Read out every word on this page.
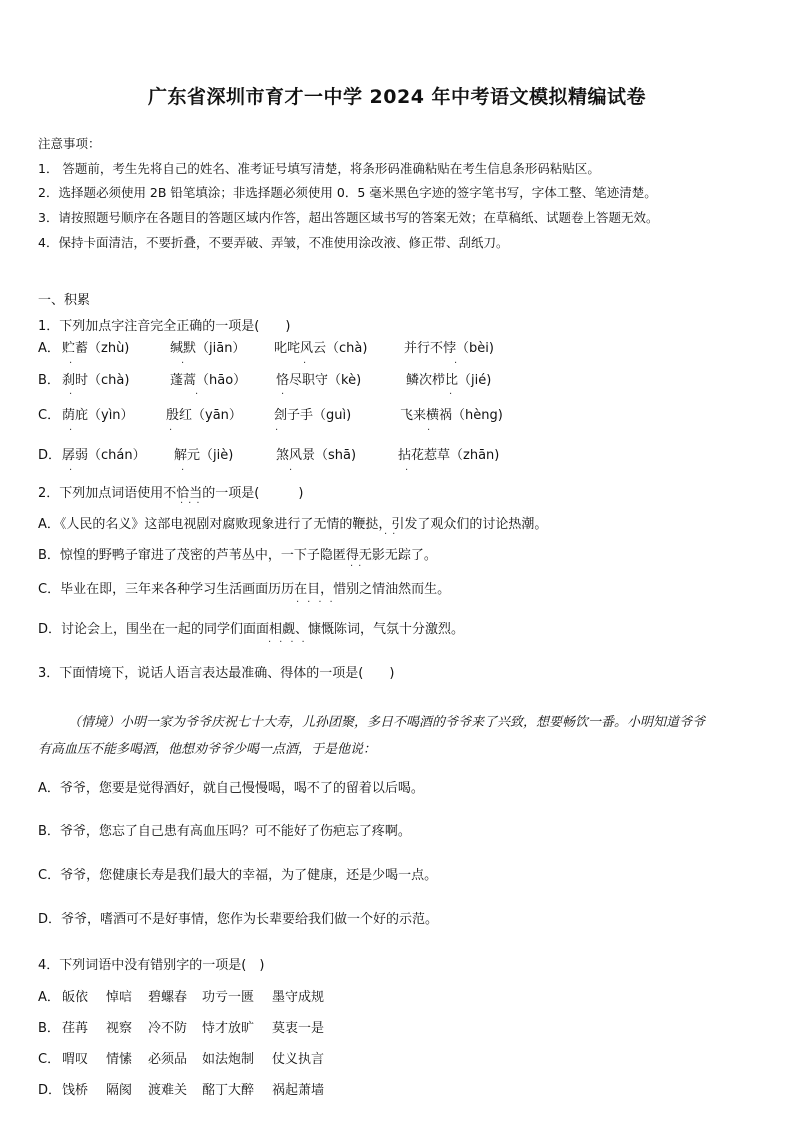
广东省深圳市育才一中学 2024 年中考语文模拟精编试卷
注意事项：
1． 答题前，考生先将自己的姓名、准考证号填写清楚，将条形码准确粘贴在考生信息条形码粘贴区。
2．选择题必须使用 2B 铅笔填涂；非选择题必须使用 0．5 毫米黑色字迹的签字笔书写，字体工整、笔迹清楚。
3．请按照题号顺序在各题目的答题区域内作答，超出答题区域书写的答案无效；在草稿纸、试题卷上答题无效。
4．保持卡面清洁，不要折叠，不要弄破、弄皱，不准使用涂改液、修正带、刮纸刀。
一、积累
1．下列加点字注音完全正确的一项是(　　)
A． 贮蓄（zhù)	缄默（jiān） 叱咤风云（chà)	并行不悖（bèi)
B． 刹时（chà)	蓬蒿（hāo） 恪尽职守（kè)	鳞次栉比（jié)
C． 荫庇（yìn） 殷红（yān） 刽子手（guì)	飞来横祸（hèng)
D． 孱弱（chán） 解元（jiè)	煞风景（shā)	拈花惹草（zhān)
·	·	·	·
·	·	·	·
·	·	·	·
·	·	·	·
2．下列加点词语使用不恰当的一项是(　　　)
···
A．《人民的名义》这部电视剧对腐败现象进行了无情的鞭挞，引发了观众们的讨论热潮。
··
B．惊惶的野鸭子窜进了茂密的芦苇丛中，一下子隐匿得无影无踪了。
··
C．毕业在即，三年来各种学习生活画面历历在目，惜别之情油然而生。
····
D．讨论会上，围坐在一起的同学们面面相觑、慷慨陈词，气氛十分激烈。
····
3．下面情境下，说话人语言表达最准确、得体的一项是(　　)
（情境）小明一家为爷爷庆祝七十大寿，儿孙团聚，多日不喝酒的爷爷来了兴致，想要畅饮一番。小明知道爷爷
有高血压不能多喝酒，他想劝爷爷少喝一点酒，于是他说：
A．爷爷，您要是觉得酒好，就自己慢慢喝，喝不了的留着以后喝。
B．爷爷，您忘了自己患有高血压吗？可不能好了伤疤忘了疼啊。
C．爷爷，您健康长寿是我们最大的幸福，为了健康，还是少喝一点。
D．爷爷，嗜酒可不是好事情，您作为长辈要给我们做一个好的示范。
4．下列词语中没有错别字的一项是(　)
A． 皈依 悼唁 碧螺春 功亏一匮 墨守成规
B． 荏苒 视察 冷不防 恃才放旷 莫衷一是
C． 喟叹 情愫 必须品 如法炮制 仗义执言
D． 饯桥 隔阂 渡难关 酩丁大醉 祸起萧墙
